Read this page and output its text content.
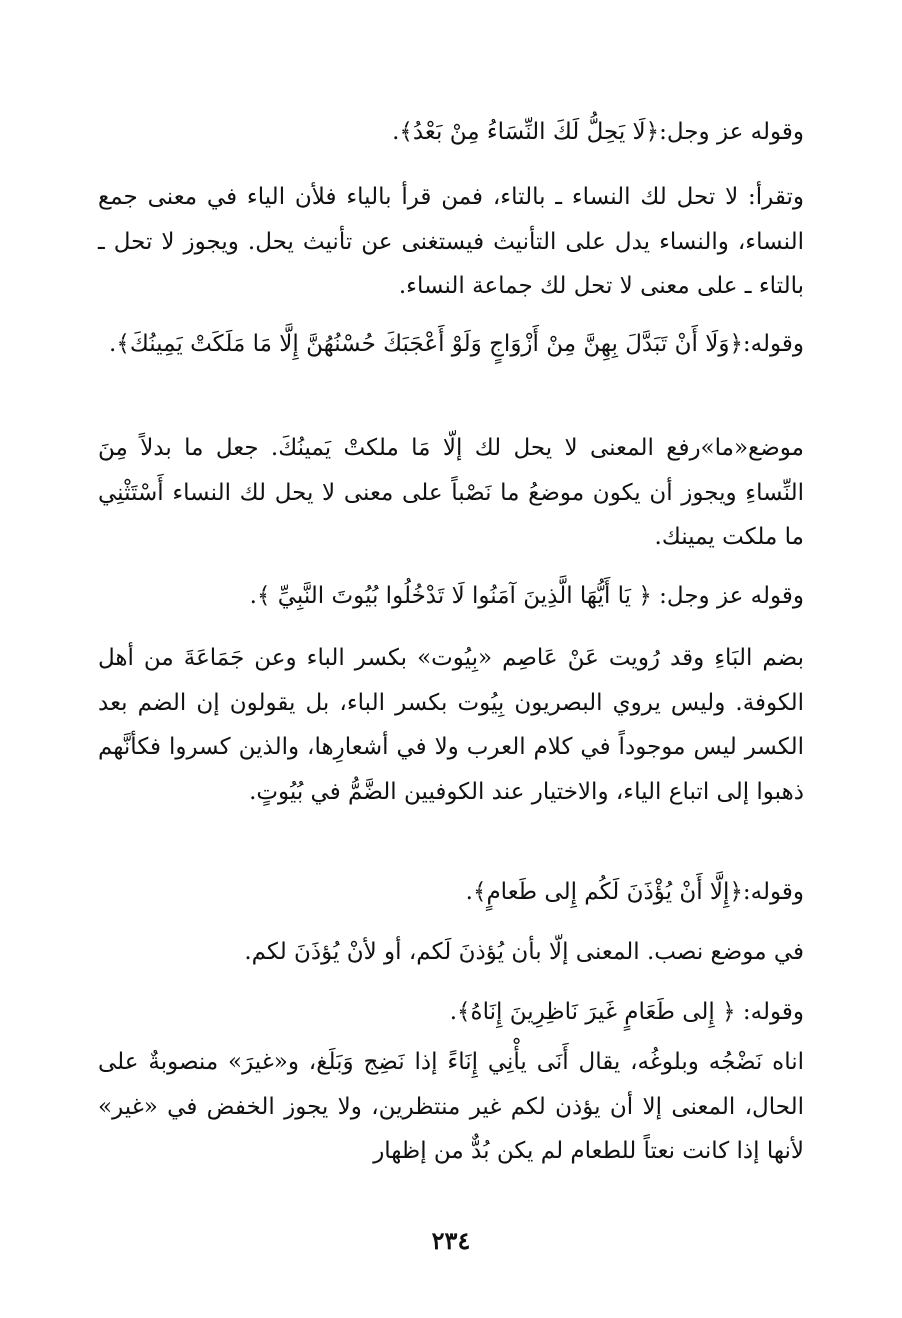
وقوله عز وجل:﴿لَا يَحِلُّ لَكَ النِّسَاءُ مِنْ بَعْدُ﴾.

وتقرأ: لا تحل لك النساء ـ بالتاء، فمن قرأ بالياء فلأن الياء في معنى جمع النساء، والنساء يدل على التأنيث فيستغنى عن تأنيث يحل. ويجوز لا تحل ـ بالتاء ـ على معنى لا تحل لك جماعة النساء.

وقوله:﴿وَلَا أَنْ تَبَدَّلَ بِهِنَّ مِنْ أَزْوَاجٍ وَلَوْ أَعْجَبَكَ حُسْنُهُنَّ إِلَّا مَا مَلَكَتْ يَمِينُكَ﴾.

موضع«ما»رفع المعنى لا يحل لك إلّا مَا ملكتْ يَمينُكَ. جعل ما بدلاً مِنَ النِّساءِ ويجوز أن يكون موضعُ ما نَصْباً على معنى لا يحل لك النساء أَسْتَثْنِي ما ملكت يمينك.

وقوله عز وجل: ﴿ يَا أَيُّهَا الَّذِينَ آمَنُوا لَا تَدْخُلُوا بُيُوتَ النَّبِيِّ ﴾.

بضم البَاءِ وقد رُويت عَنْ عَاصِم «بِيُوت» بكسر الباء وعن جَمَاعَةَ من أهل الكوفة. وليس يروي البصريون بِيُوت بكسر الباء، بل يقولون إن الضم بعد الكسر ليس موجوداً في كلام العرب ولا في أشعارِها، والذين كسروا فكأنَّهم ذهبوا إلى اتباع الياء، والاختيار عند الكوفيين الضَّمُّ في بُيُوتٍ.

وقوله:﴿إِلَّا أَنْ يُؤْذَنَ لَكُم إِلى طَعامٍ﴾.

في موضع نصب. المعنى إلّا بأن يُؤذنَ لَكم، أو لأنْ يُؤذَنَ لكم.

وقوله: ﴿ إِلى طَعَامٍ غَيرَ نَاظِرِينَ إِنَاهُ﴾.

اناه نَضْجُه وبلوغُه، يقال أَنَى يأْنِي إِنَاءً إذا نَضِج وَبَلَغ، و«غيرَ» منصوبةٌ على الحال، المعنى إلا أن يؤذن لكم غير منتظرين، ولا يجوز الخفض في «غير» لأنها إذا كانت نعتاً للطعام لم يكن بُدٌّ من إظهار

٢٣٤
